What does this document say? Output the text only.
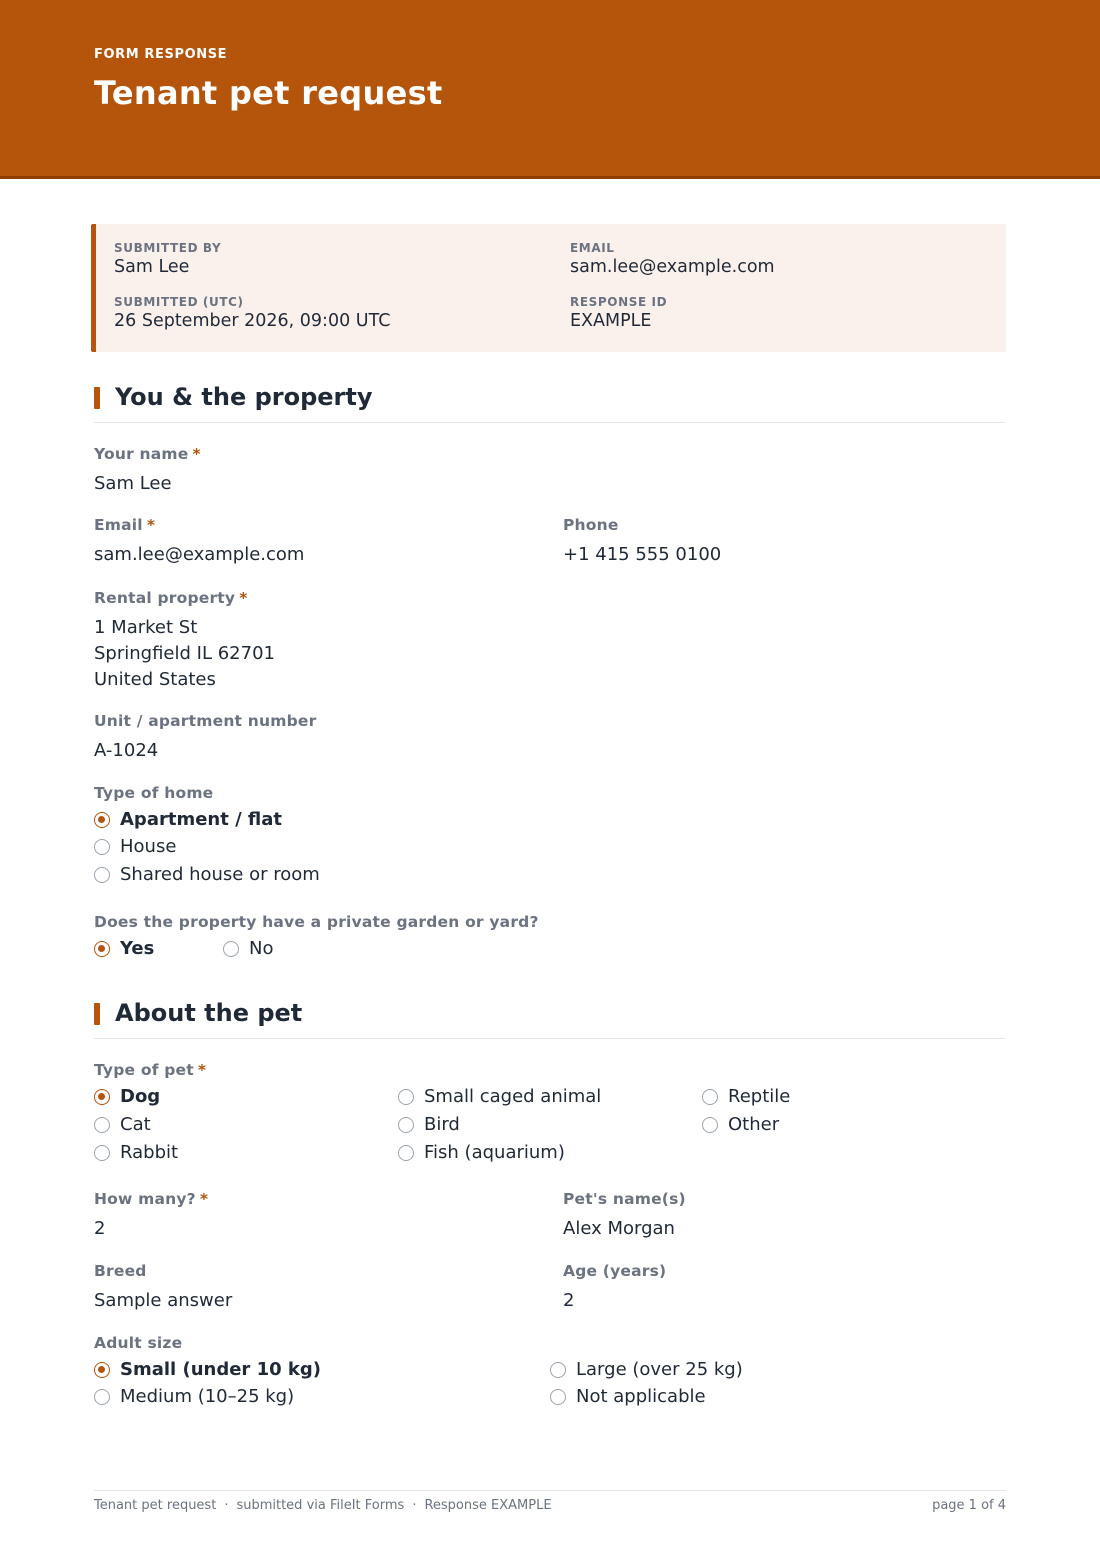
FORM RESPONSE
Tenant pet request
SUBMITTED BY
Sam Lee
EMAIL
sam.lee@example.com
SUBMITTED (UTC)
26 September 2026, 09:00 UTC
RESPONSE ID
EXAMPLE
You & the property
Your name *
Sam Lee
Email *
sam.lee@example.com
Phone
+1 415 555 0100
Rental property *
1 Market St
Springfield IL 62701
United States
Unit / apartment number
A-1024
Type of home
Apartment / flat
House
Shared house or room
Does the property have a private garden or yard?
Yes	No
About the pet
Type of pet *
Dog
Cat
Rabbit
Small caged animal
Bird
Fish (aquarium)
Reptile
Other
How many? *
2
Pet's name(s)
Alex Morgan
Breed
Sample answer
Age (years)
2
Adult size
Small (under 10 kg)
Medium (10–25 kg)
Large (over 25 kg)
Not applicable
Tenant pet request · submitted via FileIt Forms · Response EXAMPLE	page 1 of 4
